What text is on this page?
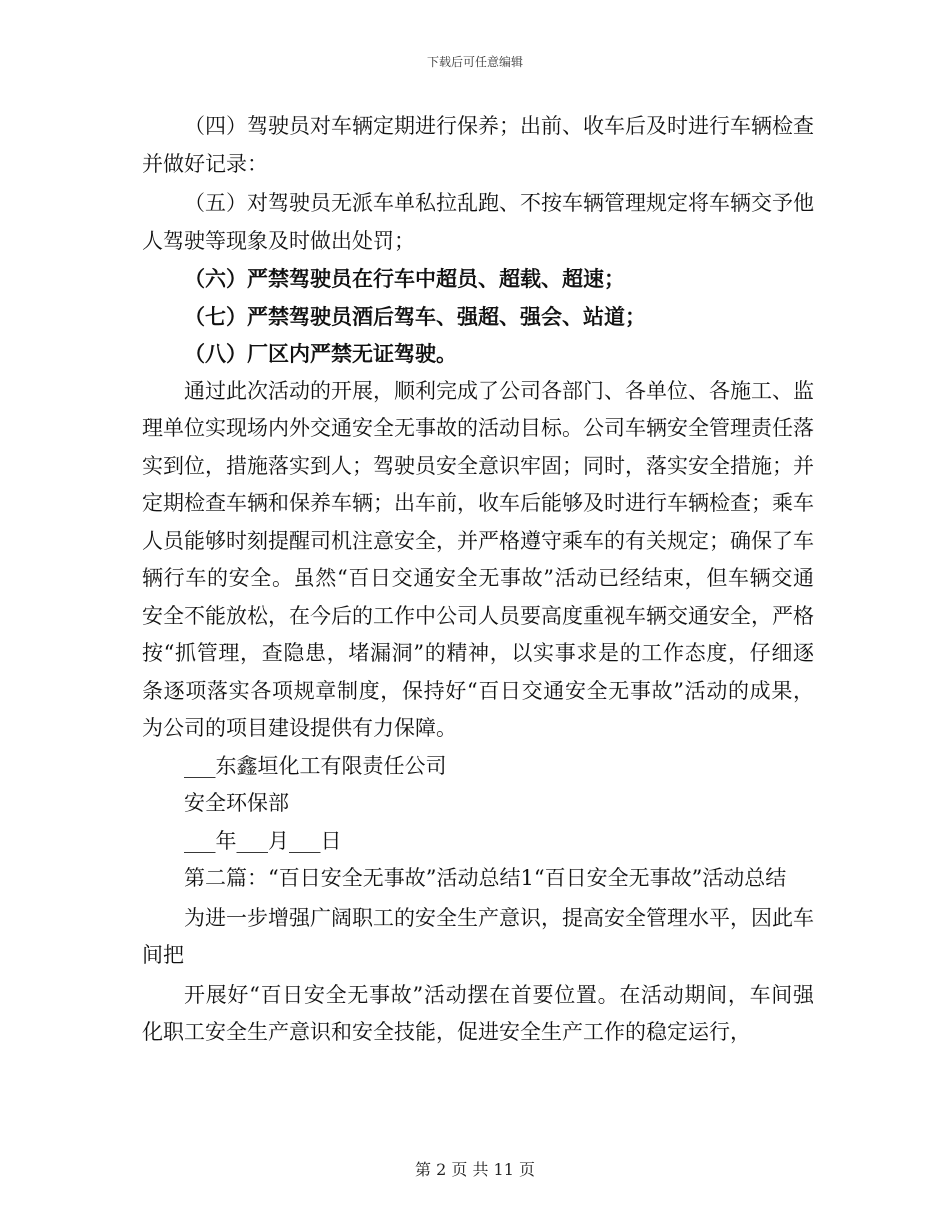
下载后可任意编辑

（四）驾驶员对车辆定期进行保养；出前、收车后及时进行车辆检查并做好记录：

（五）对驾驶员无派车单私拉乱跑、不按车辆管理规定将车辆交予他人驾驶等现象及时做出处罚；

（六）严禁驾驶员在行车中超员、超载、超速；

（七）严禁驾驶员酒后驾车、强超、强会、站道；

（八）厂区内严禁无证驾驶。

通过此次活动的开展，顺利完成了公司各部门、各单位、各施工、监理单位实现场内外交通安全无事故的活动目标。公司车辆安全管理责任落实到位，措施落实到人；驾驶员安全意识牢固；同时，落实安全措施；并定期检查车辆和保养车辆；出车前，收车后能够及时进行车辆检查；乘车人员能够时刻提醒司机注意安全，并严格遵守乘车的有关规定；确保了车辆行车的安全。虽然“百日交通安全无事故”活动已经结束，但车辆交通安全不能放松，在今后的工作中公司人员要高度重视车辆交通安全，严格按“抓管理，查隐患，堵漏洞”的精神，以实事求是的工作态度，仔细逐条逐项落实各项规章制度，保持好“百日交通安全无事故”活动的成果，为公司的项目建设提供有力保障。

___东鑫垣化工有限责任公司

安全环保部

___年___月___日

第二篇：“百日安全无事故”活动总结1“百日安全无事故”活动总结

为进一步增强广阔职工的安全生产意识，提高安全管理水平，因此车间把

开展好“百日安全无事故”活动摆在首要位置。在活动期间，车间强化职工安全生产意识和安全技能，促进安全生产工作的稳定运行，

第 2 页 共 11 页
